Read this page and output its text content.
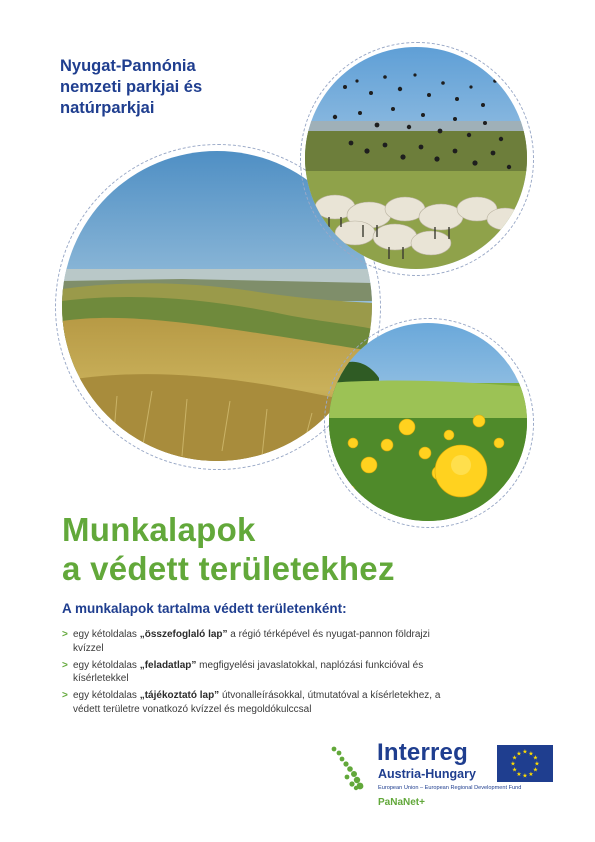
Nyugat-Pannónia
nemzeti parkjai és
natúrparkjai
Munkalapok
a védett területekhez
A munkalapok tartalma védett területenként:
> egy kétoldalas „összefoglaló lap” a régió térképével és nyugat-pannon földrajzi kvízzel
> egy kétoldalas „feladatlap” megfigyelési javaslatokkal, naplózási funkcióval és kísérletekkel
> egy kétoldalas „tájékoztató lap” útvonalleírásokkal, útmutatóval a kísérletekhez, a védett területre vonatkozó kvízzel és megoldókulccsal
Interreg
Austria-Hungary
European Union – European Regional Development Fund
PaNaNet+
★
★
★
★
★
★
★
★
★ ★ ★
★
